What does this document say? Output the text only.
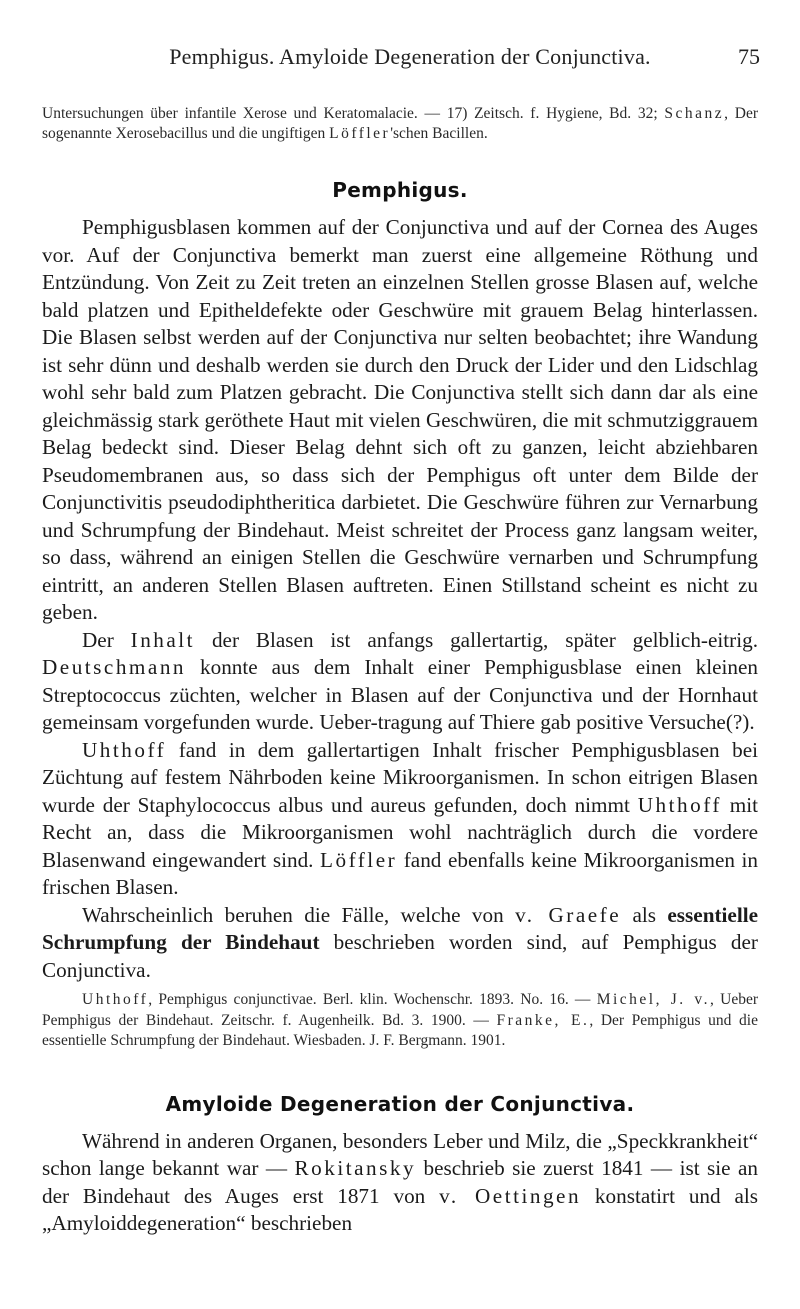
Pemphigus. Amyloide Degeneration der Conjunctiva.	75

Untersuchungen über infantile Xerose und Keratomalacie. — 17) Zeitsch. f. Hygiene, Bd. 32; Schanz, Der sogenannte Xerosebacillus und die ungiftigen Löffler'schen Bacillen.

Pemphigus.

Pemphigusblasen kommen auf der Conjunctiva und auf der Cornea des Auges vor. Auf der Conjunctiva bemerkt man zuerst eine allgemeine Röthung und Entzündung. Von Zeit zu Zeit treten an einzelnen Stellen grosse Blasen auf, welche bald platzen und Epitheldefekte oder Geschwüre mit grauem Belag hinterlassen. Die Blasen selbst werden auf der Conjunctiva nur selten beobachtet; ihre Wandung ist sehr dünn und deshalb werden sie durch den Druck der Lider und den Lidschlag wohl sehr bald zum Platzen gebracht. Die Conjunctiva stellt sich dann dar als eine gleichmässig stark geröthete Haut mit vielen Geschwüren, die mit schmutziggrauem Belag bedeckt sind. Dieser Belag dehnt sich oft zu ganzen, leicht abziehbaren Pseudomembranen aus, so dass sich der Pemphigus oft unter dem Bilde der Conjunctivitis pseudodiphtheritica darbietet. Die Geschwüre führen zur Vernarbung und Schrumpfung der Bindehaut. Meist schreitet der Process ganz langsam weiter, so dass, während an einigen Stellen die Geschwüre vernarben und Schrumpfung eintritt, an anderen Stellen Blasen auftreten. Einen Stillstand scheint es nicht zu geben.

Der Inhalt der Blasen ist anfangs gallertartig, später gelblich-eitrig. Deutschmann konnte aus dem Inhalt einer Pemphigusblase einen kleinen Streptococcus züchten, welcher in Blasen auf der Conjunctiva und der Hornhaut gemeinsam vorgefunden wurde. Ueber-tragung auf Thiere gab positive Versuche(?).

Uhthoff fand in dem gallertartigen Inhalt frischer Pemphigusblasen bei Züchtung auf festem Nährboden keine Mikroorganismen. In schon eitrigen Blasen wurde der Staphylococcus albus und aureus gefunden, doch nimmt Uhthoff mit Recht an, dass die Mikroorganismen wohl nachträglich durch die vordere Blasenwand eingewandert sind. Löffler fand ebenfalls keine Mikroorganismen in frischen Blasen.

Wahrscheinlich beruhen die Fälle, welche von v. Graefe als essentielle Schrumpfung der Bindehaut beschrieben worden sind, auf Pemphigus der Conjunctiva.

Uhthoff, Pemphigus conjunctivae. Berl. klin. Wochenschr. 1893. No. 16. — Michel, J. v., Ueber Pemphigus der Bindehaut. Zeitschr. f. Augenheilk. Bd. 3. 1900. — Franke, E., Der Pemphigus und die essentielle Schrumpfung der Bindehaut. Wiesbaden. J. F. Bergmann. 1901.

Amyloide Degeneration der Conjunctiva.

Während in anderen Organen, besonders Leber und Milz, die „Speckkrankheit“ schon lange bekannt war — Rokitansky beschrieb sie zuerst 1841 — ist sie an der Bindehaut des Auges erst 1871 von v. Oettingen konstatirt und als „Amyloiddegeneration“ beschrieben
